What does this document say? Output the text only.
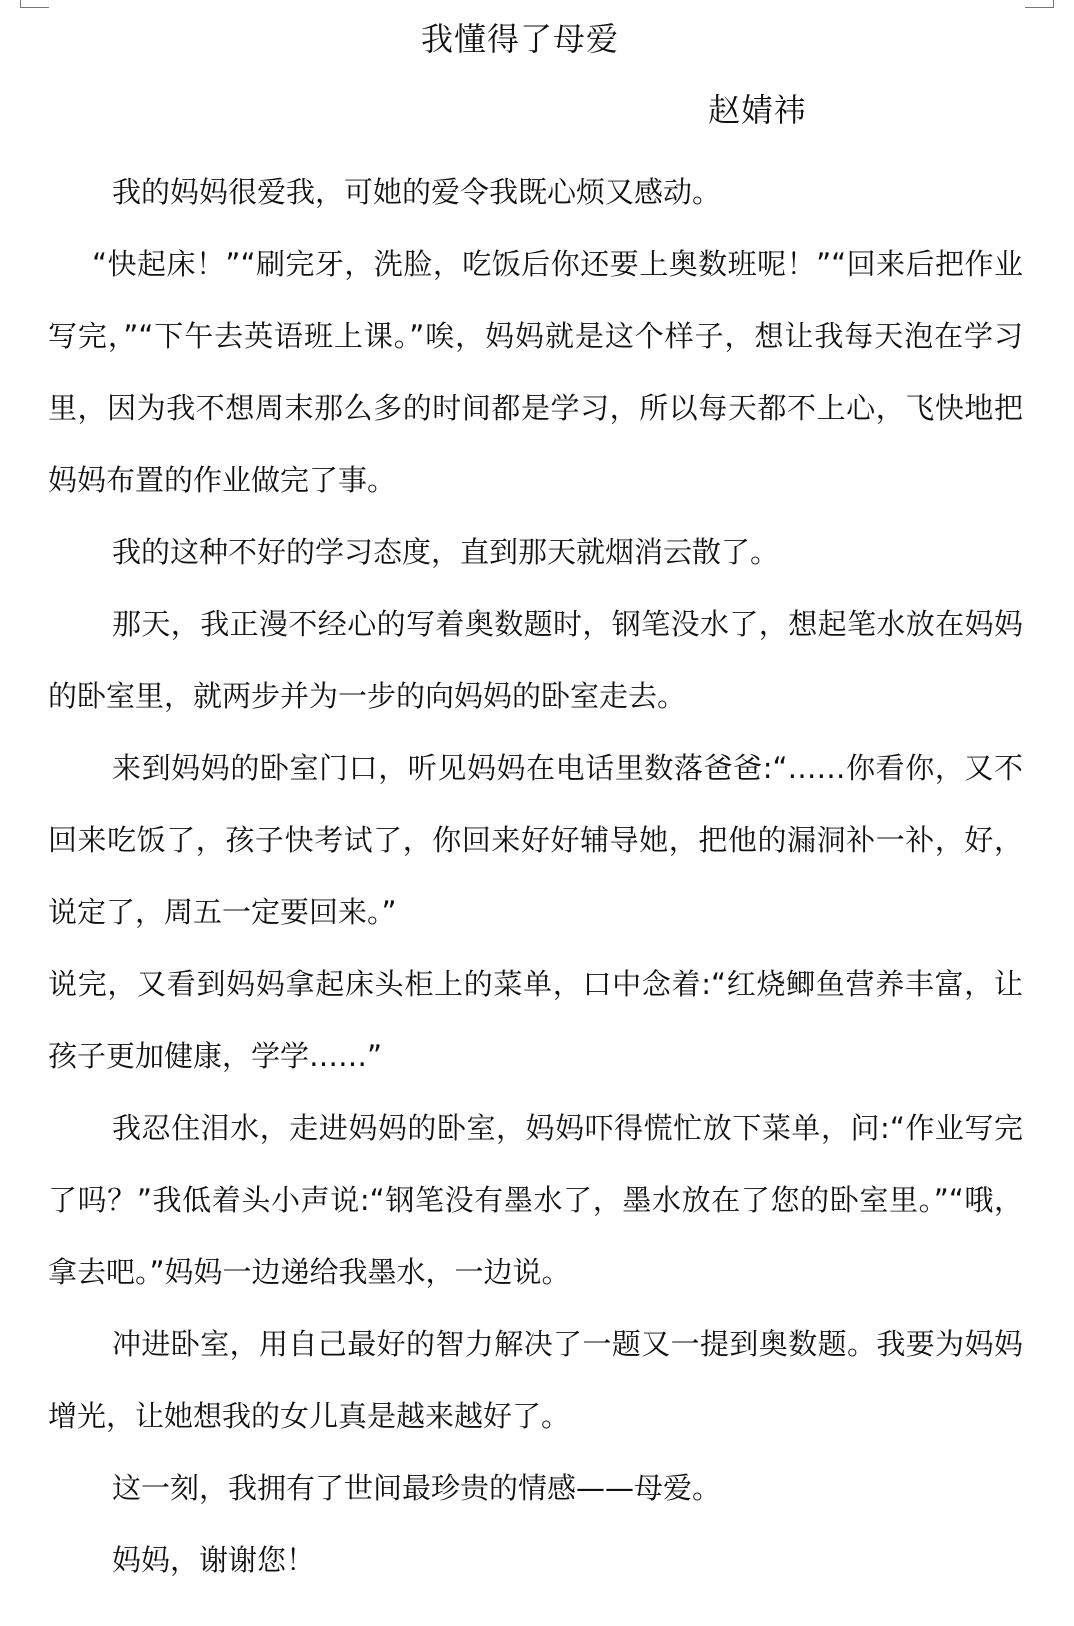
我懂得了母爱
赵婧祎

我的妈妈很爱我，可她的爱令我既心烦又感动。

“快起床！”“刷完牙，洗脸，吃饭后你还要上奥数班呢！”“回来后把作业写完，”“下午去英语班上课。”唉，妈妈就是这个样子，想让我每天泡在学习里，因为我不想周末那么多的时间都是学习，所以每天都不上心，飞快地把妈妈布置的作业做完了事。

我的这种不好的学习态度，直到那天就烟消云散了。

那天，我正漫不经心的写着奥数题时，钢笔没水了，想起笔水放在妈妈的卧室里，就两步并为一步的向妈妈的卧室走去。

来到妈妈的卧室门口，听见妈妈在电话里数落爸爸:“……你看你，又不回来吃饭了，孩子快考试了，你回来好好辅导她，把他的漏洞补一补，好，说定了，周五一定要回来。”

说完，又看到妈妈拿起床头柜上的菜单，口中念着:“红烧鲫鱼营养丰富，让孩子更加健康，学学……”

我忍住泪水，走进妈妈的卧室，妈妈吓得慌忙放下菜单，问:“作业写完了吗？”我低着头小声说:“钢笔没有墨水了，墨水放在了您的卧室里。”“哦，拿去吧。”妈妈一边递给我墨水，一边说。

冲进卧室，用自己最好的智力解决了一题又一提到奥数题。我要为妈妈增光，让她想我的女儿真是越来越好了。

这一刻，我拥有了世间最珍贵的情感——母爱。

妈妈，谢谢您！
